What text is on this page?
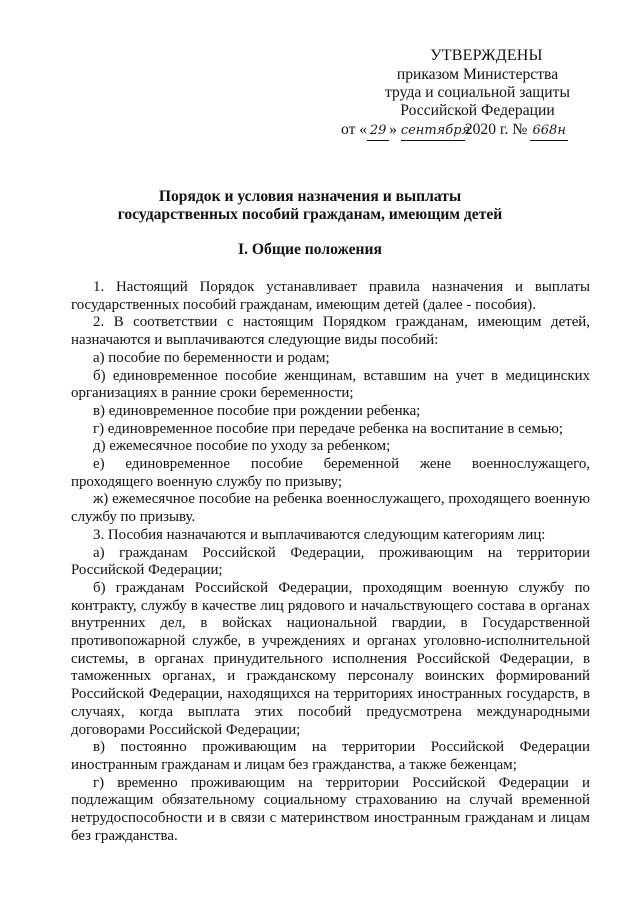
УТВЕРЖДЕНЫ
приказом Министерства
труда и социальной защиты
Российской Федерации
от « 29 »
сентября
2020 г. № 668н
Порядок и условия назначения и выплаты
государственных пособий гражданам, имеющим детей
I. Общие положения

1. Настоящий Порядок устанавливает правила назначения и выплаты государственных пособий гражданам, имеющим детей (далее - пособия).

2. В соответствии с настоящим Порядком гражданам, имеющим детей, назначаются и выплачиваются следующие виды пособий:

а) пособие по беременности и родам;

б) единовременное пособие женщинам, вставшим на учет в медицинских организациях в ранние сроки беременности;

в) единовременное пособие при рождении ребенка;

г) единовременное пособие при передаче ребенка на воспитание в семью;

д) ежемесячное пособие по уходу за ребенком;

е) единовременное пособие беременной жене военнослужащего, проходящего военную службу по призыву;

ж) ежемесячное пособие на ребенка военнослужащего, проходящего военную службу по призыву.

3. Пособия назначаются и выплачиваются следующим категориям лиц:

а) гражданам Российской Федерации, проживающим на территории Российской Федерации;

б) гражданам Российской Федерации, проходящим военную службу по контракту, службу в качестве лиц рядового и начальствующего состава в органах внутренних дел, в войсках национальной гвардии, в Государственной противопожарной службе, в учреждениях и органах уголовно-исполнительной системы, в органах принудительного исполнения Российской Федерации, в таможенных органах, и гражданскому персоналу воинских формирований Российской Федерации, находящихся на территориях иностранных государств, в случаях, когда выплата этих пособий предусмотрена международными договорами Российской Федерации;

в) постоянно проживающим на территории Российской Федерации иностранным гражданам и лицам без гражданства, а также беженцам;

г) временно проживающим на территории Российской Федерации и подлежащим обязательному социальному страхованию на случай временной нетрудоспособности и в связи с материнством иностранным гражданам и лицам без гражданства.
